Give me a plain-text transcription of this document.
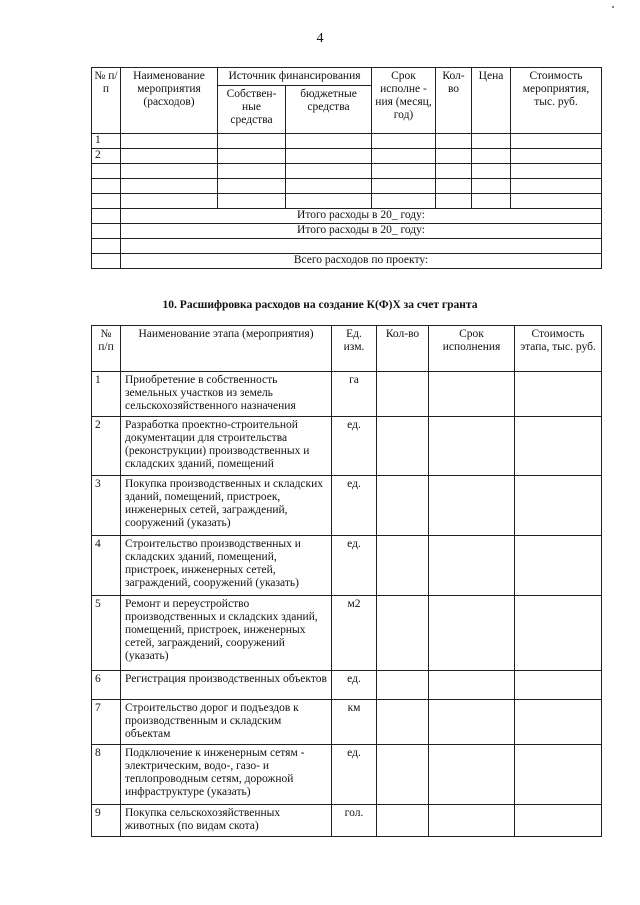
4
№ п/п	Наименование мероприятия (расходов)	Источник финансирования		Срок исполне - ния (месяц, год)	Кол- во	Цена	Стоимость мероприятия, тыс. руб.
		Собствен- ные средства	бюджетные средства				
1							
2							

	Итого расходы в 20_ году:						
	Итого расходы в 20_ году:						

	Всего расходов по проекту:						
10. Расшифровка расходов на создание К(Ф)Х за счет гранта
№ п/п	Наименование этапа (мероприятия)	Ед. изм.	Кол-во	Срок исполнения	Стоимость этапа, тыс. руб.
1	Приобретение в собственность земельных участков из земель сельскохозяйственного назначения	га			
2	Разработка проектно-строительной документации для строительства (реконструкции) производственных и складских зданий, помещений	ед.			
3	Покупка производственных и складских зданий, помещений, пристроек, инженерных сетей, заграждений, сооружений (указать)	ед.			
4	Строительство производственных и складских зданий, помещений, пристроек, инженерных сетей, заграждений, сооружений (указать)	ед.			
5	Ремонт и переустройство производственных и складских зданий, помещений, пристроек, инженерных сетей, заграждений, сооружений (указать)	м2			
6	Регистрация производственных объектов	ед.			
7	Строительство дорог и подъездов к производственным и складским объектам	км			
8	Подключение к инженерным сетям - электрическим, водо-, газо- и теплопроводным сетям, дорожной инфраструктуре (указать)	ед.			
9	Покупка сельскохозяйственных животных (по видам скота)	гол.			
